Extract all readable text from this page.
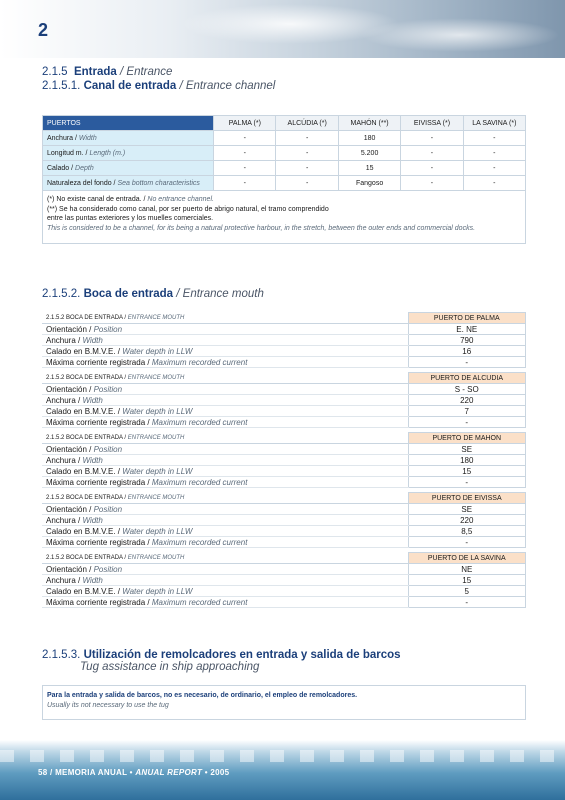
2
2.1.5 Entrada / Entrance
2.1.5.1. Canal de entrada / Entrance channel
PUERTOS	PALMA (*)	ALCÚDIA (*)	MAHÓN (**)	EIVISSA (*)	LA SAVINA (*)
Anchura / Width	-	-	180	-	-
Longitud m. / Length (m.)	-	-	5.200	-	-
Calado / Depth	-	-	15	-	-
Naturaleza del fondo / Sea bottom characteristics	-	-	Fangoso	-	-
(*) No existe canal de entrada. / No entrance channel.
(**) Se ha considerado como canal, por ser puerto de abrigo natural, el tramo comprendido
entre las puntas exteriores y los muelles comerciales.
This is considered to be a channel, for its being a natural protective harbour, in the stretch, between the outer ends and commercial docks.
2.1.5.2. Boca de entrada / Entrance mouth
2.1.5.2 BOCA DE ENTRADA / ENTRANCE MOUTH	PUERTO DE PALMA
Orientación / Position	E. NE
Anchura / Width	790
Calado en B.M.V.E. / Water depth in LLW	16
Máxima corriente registrada / Maximum recorded current	-

2.1.5.2 BOCA DE ENTRADA / ENTRANCE MOUTH	PUERTO DE ALCUDIA
Orientación / Position	S - SO
Anchura / Width	220
Calado en B.M.V.E. / Water depth in LLW	7
Máxima corriente registrada / Maximum recorded current	-

2.1.5.2 BOCA DE ENTRADA / ENTRANCE MOUTH	PUERTO DE MAHON
Orientación / Position	SE
Anchura / Width	180
Calado en B.M.V.E. / Water depth in LLW	15
Máxima corriente registrada / Maximum recorded current	-

2.1.5.2 BOCA DE ENTRADA / ENTRANCE MOUTH	PUERTO DE EIVISSA
Orientación / Position	SE
Anchura / Width	220
Calado en B.M.V.E. / Water depth in LLW	8,5
Máxima corriente registrada / Maximum recorded current	-

2.1.5.2 BOCA DE ENTRADA / ENTRANCE MOUTH	PUERTO DE LA SAVINA
Orientación / Position	NE
Anchura / Width	15
Calado en B.M.V.E. / Water depth in LLW	5
Máxima corriente registrada / Maximum recorded current	-
2.1.5.3. Utilización de remolcadores en entrada y salida de barcos
Tug assistance in ship approaching
Para la entrada y salida de barcos, no es necesario, de ordinario, el empleo de remolcadores.
Usually its not necessary to use the tug
58 / MEMORIA ANUAL • ANUAL REPORT • 2005
